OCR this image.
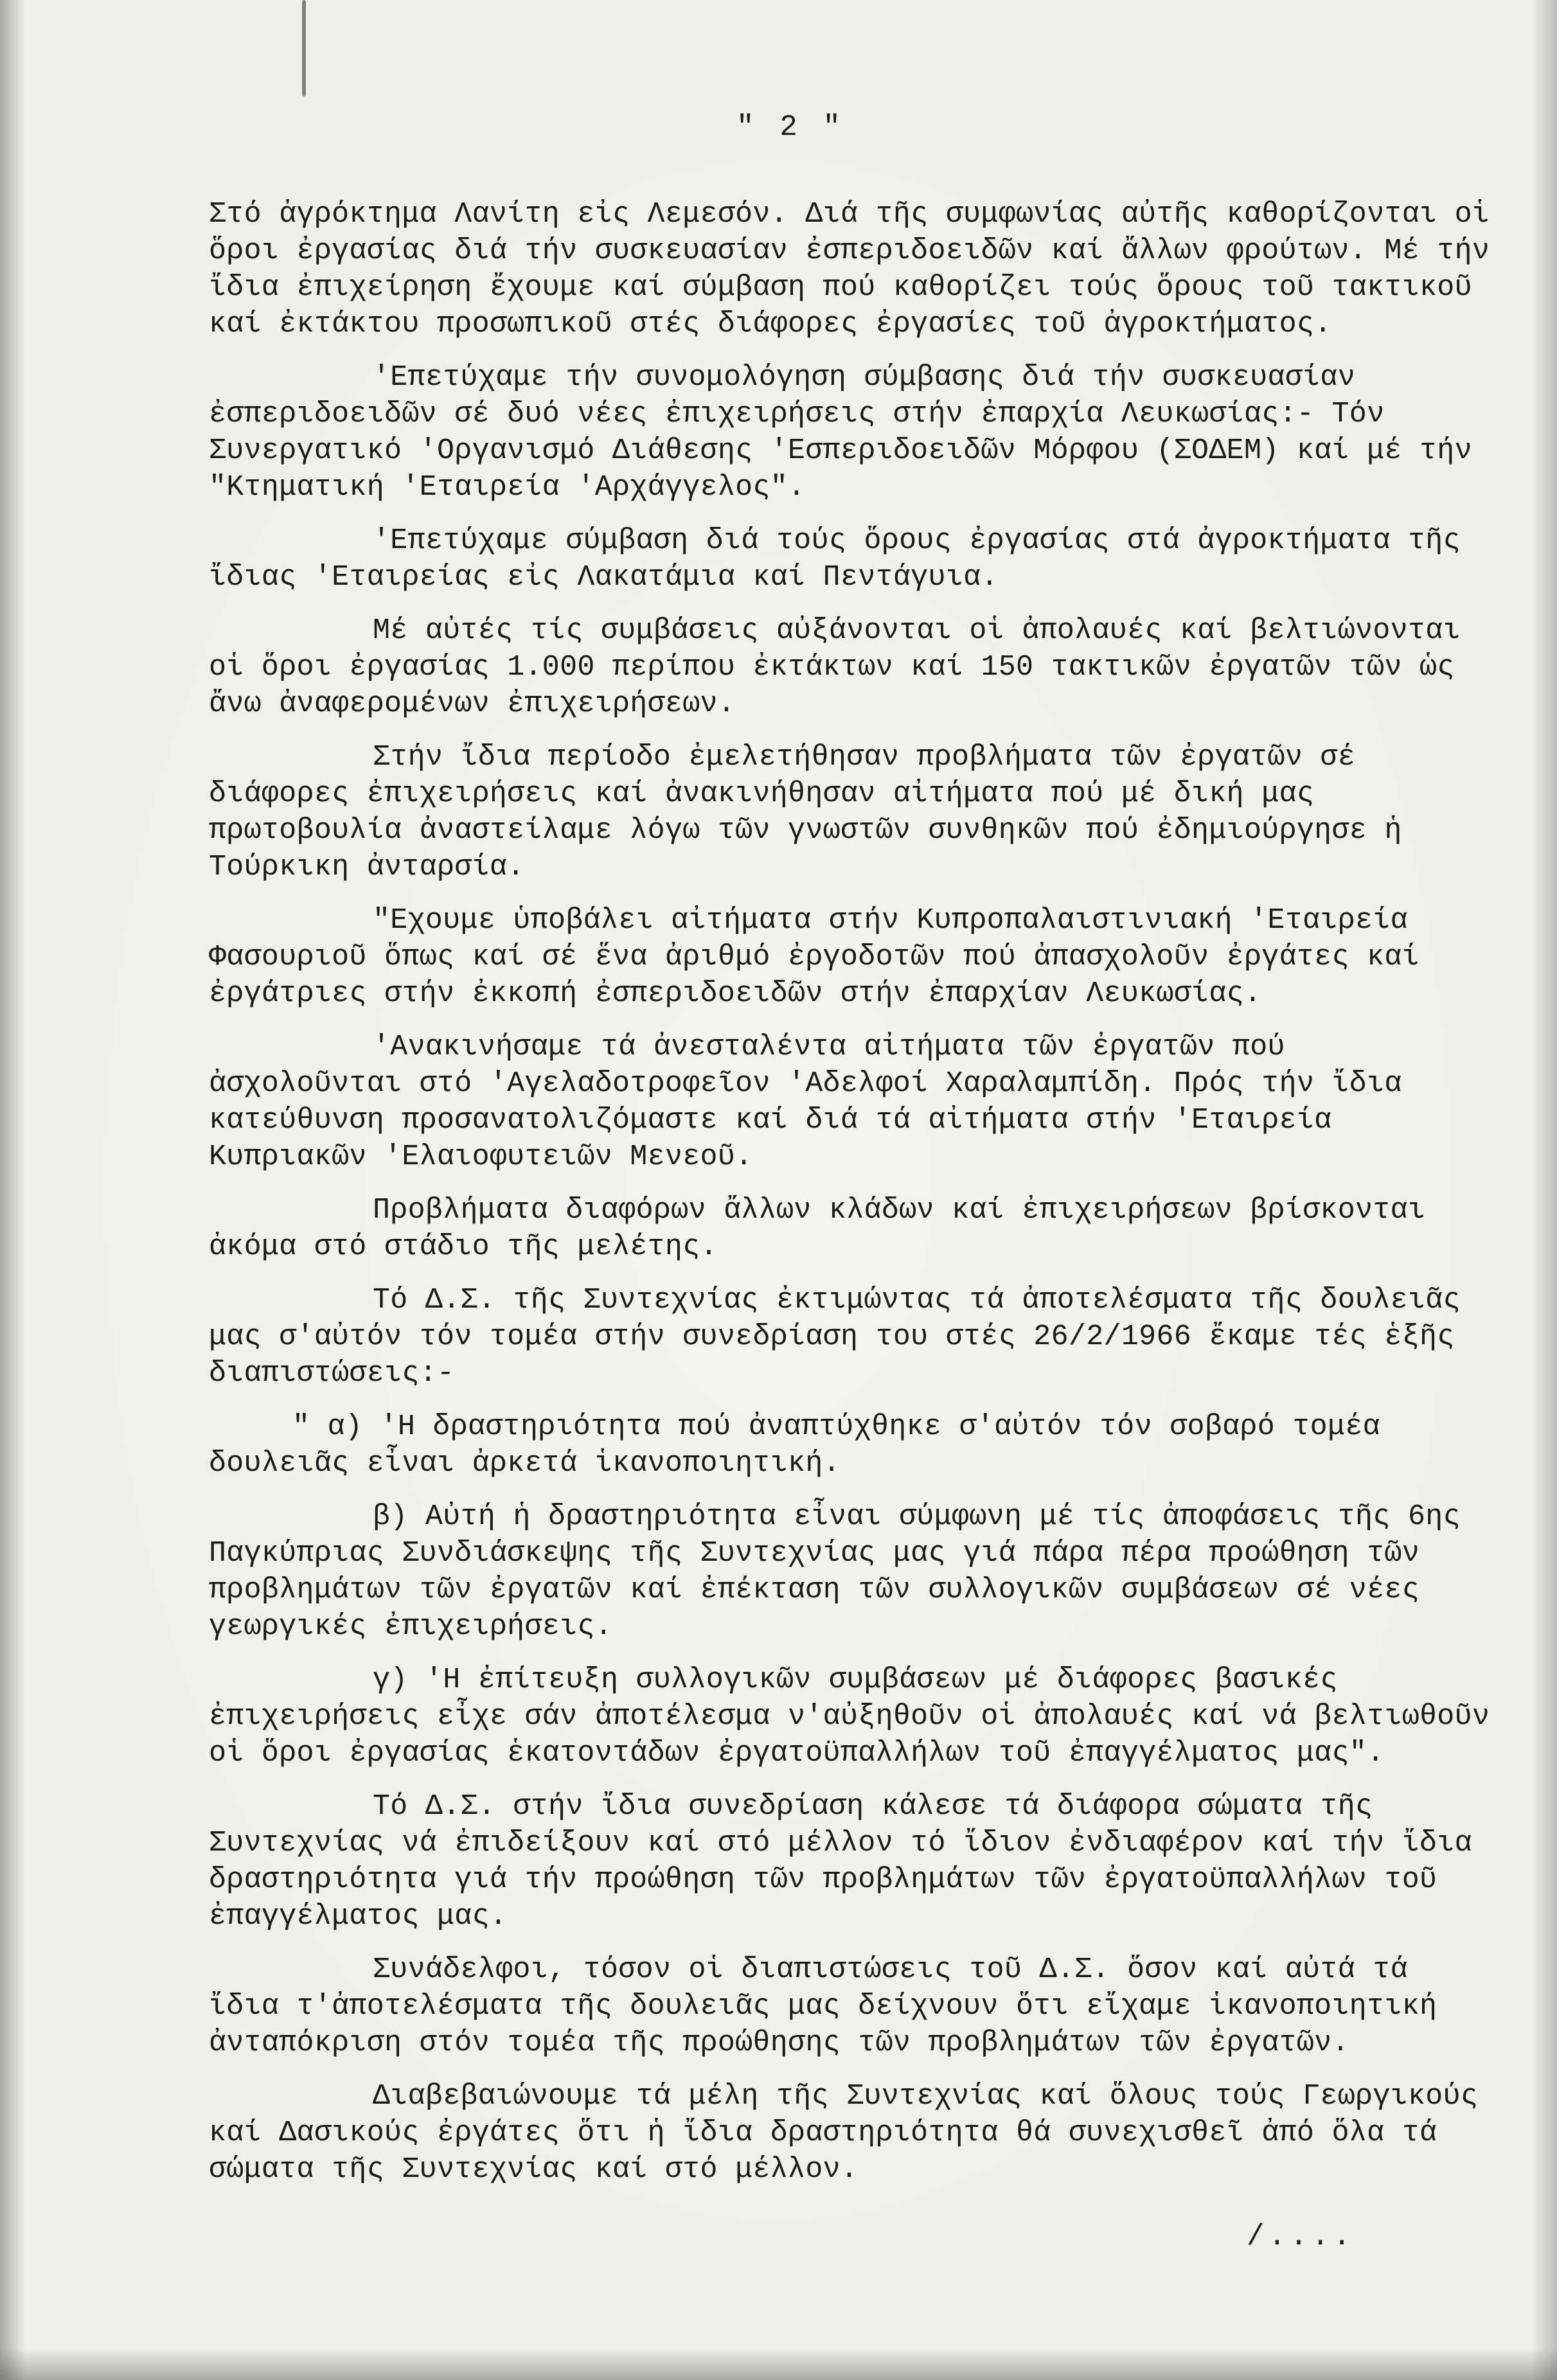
" 2 "

Στό ἀγρόκτημα Λανίτη εἰς Λεμεσόν. Διά τῆς συμφωνίας αὐτῆς καθορίζονται οἱ ὅροι ἐργασίας διά τήν συσκευασίαν ἐσπεριδοειδῶν καί ἄλλων φρούτων. Μέ τήν ἴδια ἐπιχείρηση ἔχουμε καί σύμβαση πού καθορίζει τούς ὅρους τοῦ τακτικοῦ καί ἐκτάκτου προσωπικοῦ στές διάφορες ἐργασίες τοῦ ἀγροκτήματος.

'Επετύχαμε τήν συνομολόγηση σύμβασης διά τήν συσκευασίαν ἐσπεριδοειδῶν σέ δυό νέες ἐπιχειρήσεις στήν ἐπαρχία Λευκωσίας:- Τόν Συνεργατικό 'Οργανισμό Διάθεσης 'Εσπεριδοειδῶν Μόρφου (ΣΟΔΕΜ) καί μέ τήν "Κτηματική 'Εταιρεία 'Αρχάγγελος".

'Επετύχαμε σύμβαση διά τούς ὅρους ἐργασίας στά ἀγροκτήματα τῆς ἴδιας 'Εταιρείας εἰς Λακατάμια καί Πεντάγυια.

Μέ αὐτές τίς συμβάσεις αὐξάνονται οἱ ἀπολαυές καί βελτιώνονται οἱ ὅροι ἐργασίας 1.000 περίπου ἐκτάκτων καί 150 τακτικῶν ἐργατῶν τῶν ὡς ἄνω ἀναφερομένων ἐπιχειρήσεων.

Στήν ἴδια περίοδο ἐμελετήθησαν προβλήματα τῶν ἐργατῶν σέ διάφορες ἐπιχειρήσεις καί ἀνακινήθησαν αἰτήματα πού μέ δική μας πρωτοβουλία ἀναστείλαμε λόγω τῶν γνωστῶν συνθηκῶν πού ἐδημιούργησε ἡ Τούρκικη ἀνταρσία.

"Εχουμε ὑποβάλει αἰτήματα στήν Κυπροπαλαιστινιακή 'Εταιρεία Φασουριοῦ ὅπως καί σέ ἕνα ἀριθμό ἐργοδοτῶν πού ἀπασχολοῦν ἐργάτες καί ἐργάτριες στήν ἐκκοπή ἐσπεριδοειδῶν στήν ἐπαρχίαν Λευκωσίας.

'Ανακινήσαμε τά ἀνεσταλέντα αἰτήματα τῶν ἐργατῶν πού ἀσχολοῦνται στό 'Αγελαδοτροφεῖον 'Αδελφοί Χαραλαμπίδη. Πρός τήν ἴδια κατεύθυνση προσανατολιζόμαστε καί διά τά αἰτήματα στήν 'Εταιρεία Κυπριακῶν 'Ελαιοφυτειῶν Μενεοῦ.

Προβλήματα διαφόρων ἄλλων κλάδων καί ἐπιχειρήσεων βρίσκονται ἀκόμα στό στάδιο τῆς μελέτης.

Τό Δ.Σ. τῆς Συντεχνίας ἐκτιμώντας τά ἀποτελέσματα τῆς δουλειᾶς μας σ'αὐτόν τόν τομέα στήν συνεδρίαση του στές 26/2/1966 ἔκαμε τές ἑξῆς διαπιστώσεις:-

" α) 'Η δραστηριότητα πού ἀναπτύχθηκε σ'αὐτόν τόν σοβαρό τομέα δουλειᾶς εἶναι ἀρκετά ἱκανοποιητική.

β) Αὐτή ἡ δραστηριότητα εἶναι σύμφωνη μέ τίς ἀποφάσεις τῆς 6ης Παγκύπριας Συνδιάσκεψης τῆς Συντεχνίας μας γιά πάρα πέρα προώθηση τῶν προβλημάτων τῶν ἐργατῶν καί ἐπέκταση τῶν συλλογικῶν συμβάσεων σέ νέες γεωργικές ἐπιχειρήσεις.

γ) 'Η ἐπίτευξη συλλογικῶν συμβάσεων μέ διάφορες βασικές ἐπιχειρήσεις εἶχε σάν ἀποτέλεσμα ν'αὐξηθοῦν οἱ ἀπολαυές καί νά βελτιωθοῦν οἱ ὅροι ἐργασίας ἑκατοντάδων ἐργατοϋπαλλήλων τοῦ ἐπαγγέλματος μας".

Τό Δ.Σ. στήν ἴδια συνεδρίαση κάλεσε τά διάφορα σώματα τῆς Συντεχνίας νά ἐπιδείξουν καί στό μέλλον τό ἴδιον ἐνδιαφέρον καί τήν ἴδια δραστηριότητα γιά τήν προώθηση τῶν προβλημάτων τῶν ἐργατοϋπαλλήλων τοῦ ἐπαγγέλματος μας.

Συνάδελφοι, τόσον οἱ διαπιστώσεις τοῦ Δ.Σ. ὅσον καί αὐτά τά ἴδια τ'ἀποτελέσματα τῆς δουλειᾶς μας δείχνουν ὅτι εἴχαμε ἱκανοποιητική ἀνταπόκριση στόν τομέα τῆς προώθησης τῶν προβλημάτων τῶν ἐργατῶν.

Διαβεβαιώνουμε τά μέλη τῆς Συντεχνίας καί ὅλους τούς Γεωργικούς καί Δασικούς ἐργάτες ὅτι ἡ ἴδια δραστηριότητα θά συνεχισθεῖ ἀπό ὅλα τά σώματα τῆς Συντεχνίας καί στό μέλλον.

/....
